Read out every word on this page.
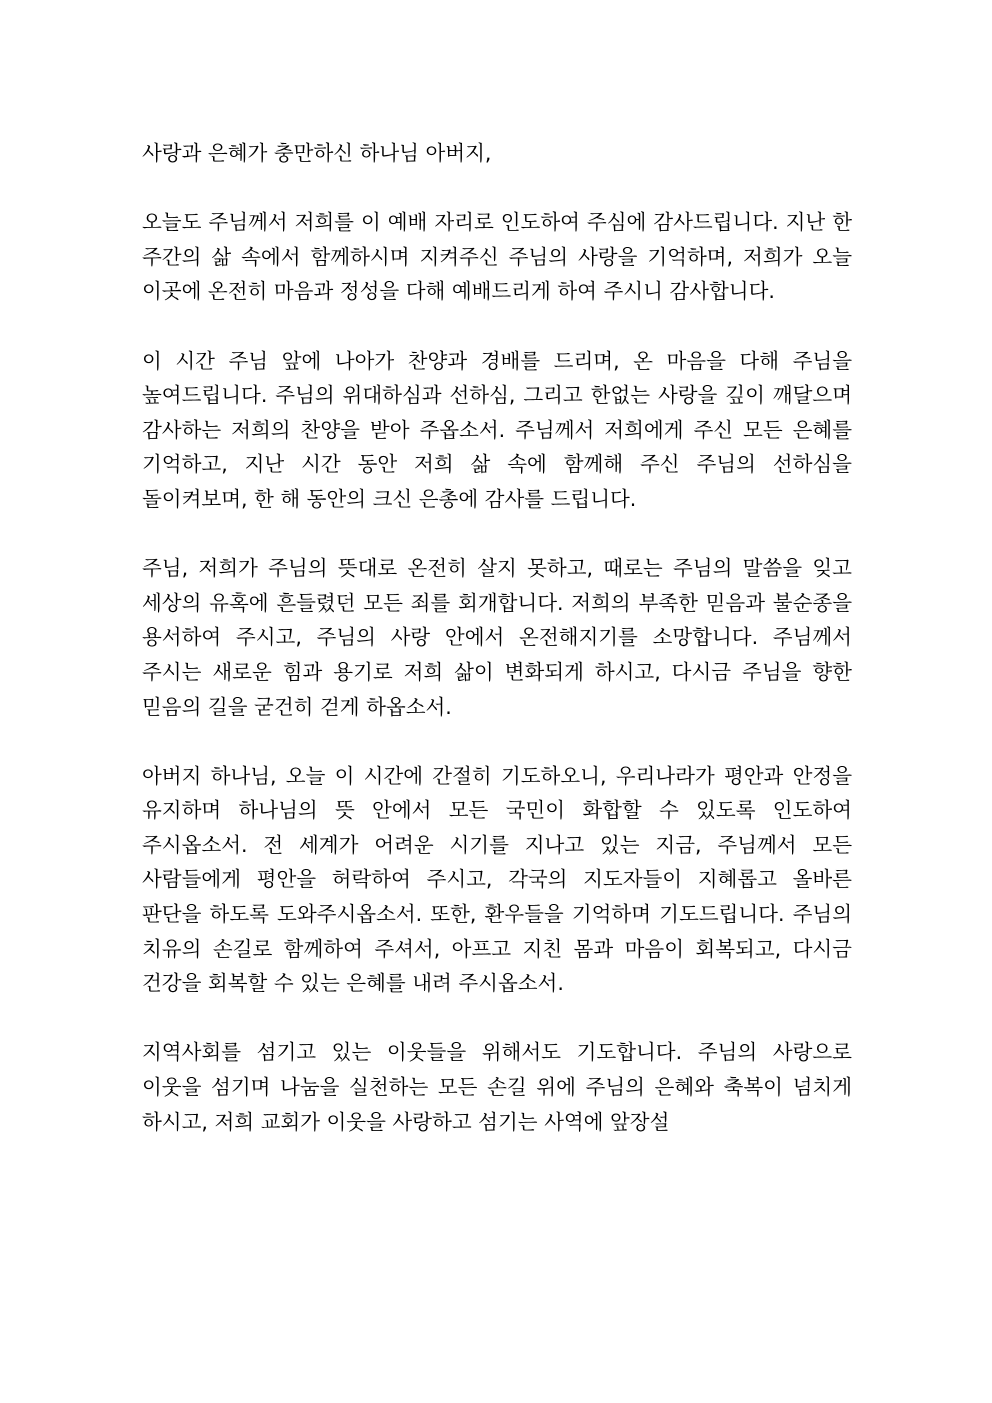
사랑과 은혜가 충만하신 하나님 아버지,

오늘도 주님께서 저희를 이 예배 자리로 인도하여 주심에 감사드립니다. 지난 한 주간의 삶 속에서 함께하시며 지켜주신 주님의 사랑을 기억하며, 저희가 오늘 이곳에 온전히 마음과 정성을 다해 예배드리게 하여 주시니 감사합니다.

이 시간 주님 앞에 나아가 찬양과 경배를 드리며, 온 마음을 다해 주님을 높여드립니다. 주님의 위대하심과 선하심, 그리고 한없는 사랑을 깊이 깨달으며 감사하는 저희의 찬양을 받아 주옵소서. 주님께서 저희에게 주신 모든 은혜를 기억하고, 지난 시간 동안 저희 삶 속에 함께해 주신 주님의 선하심을 돌이켜보며, 한 해 동안의 크신 은총에 감사를 드립니다.

주님, 저희가 주님의 뜻대로 온전히 살지 못하고, 때로는 주님의 말씀을 잊고 세상의 유혹에 흔들렸던 모든 죄를 회개합니다. 저희의 부족한 믿음과 불순종을 용서하여 주시고, 주님의 사랑 안에서 온전해지기를 소망합니다. 주님께서 주시는 새로운 힘과 용기로 저희 삶이 변화되게 하시고, 다시금 주님을 향한 믿음의 길을 굳건히 걷게 하옵소서.

아버지 하나님, 오늘 이 시간에 간절히 기도하오니, 우리나라가 평안과 안정을 유지하며 하나님의 뜻 안에서 모든 국민이 화합할 수 있도록 인도하여 주시옵소서. 전 세계가 어려운 시기를 지나고 있는 지금, 주님께서 모든 사람들에게 평안을 허락하여 주시고, 각국의 지도자들이 지혜롭고 올바른 판단을 하도록 도와주시옵소서. 또한, 환우들을 기억하며 기도드립니다. 주님의 치유의 손길로 함께하여 주셔서, 아프고 지친 몸과 마음이 회복되고, 다시금 건강을 회복할 수 있는 은혜를 내려 주시옵소서.

지역사회를 섬기고 있는 이웃들을 위해서도 기도합니다. 주님의 사랑으로 이웃을 섬기며 나눔을 실천하는 모든 손길 위에 주님의 은혜와 축복이 넘치게 하시고, 저희 교회가 이웃을 사랑하고 섬기는 사역에 앞장설
